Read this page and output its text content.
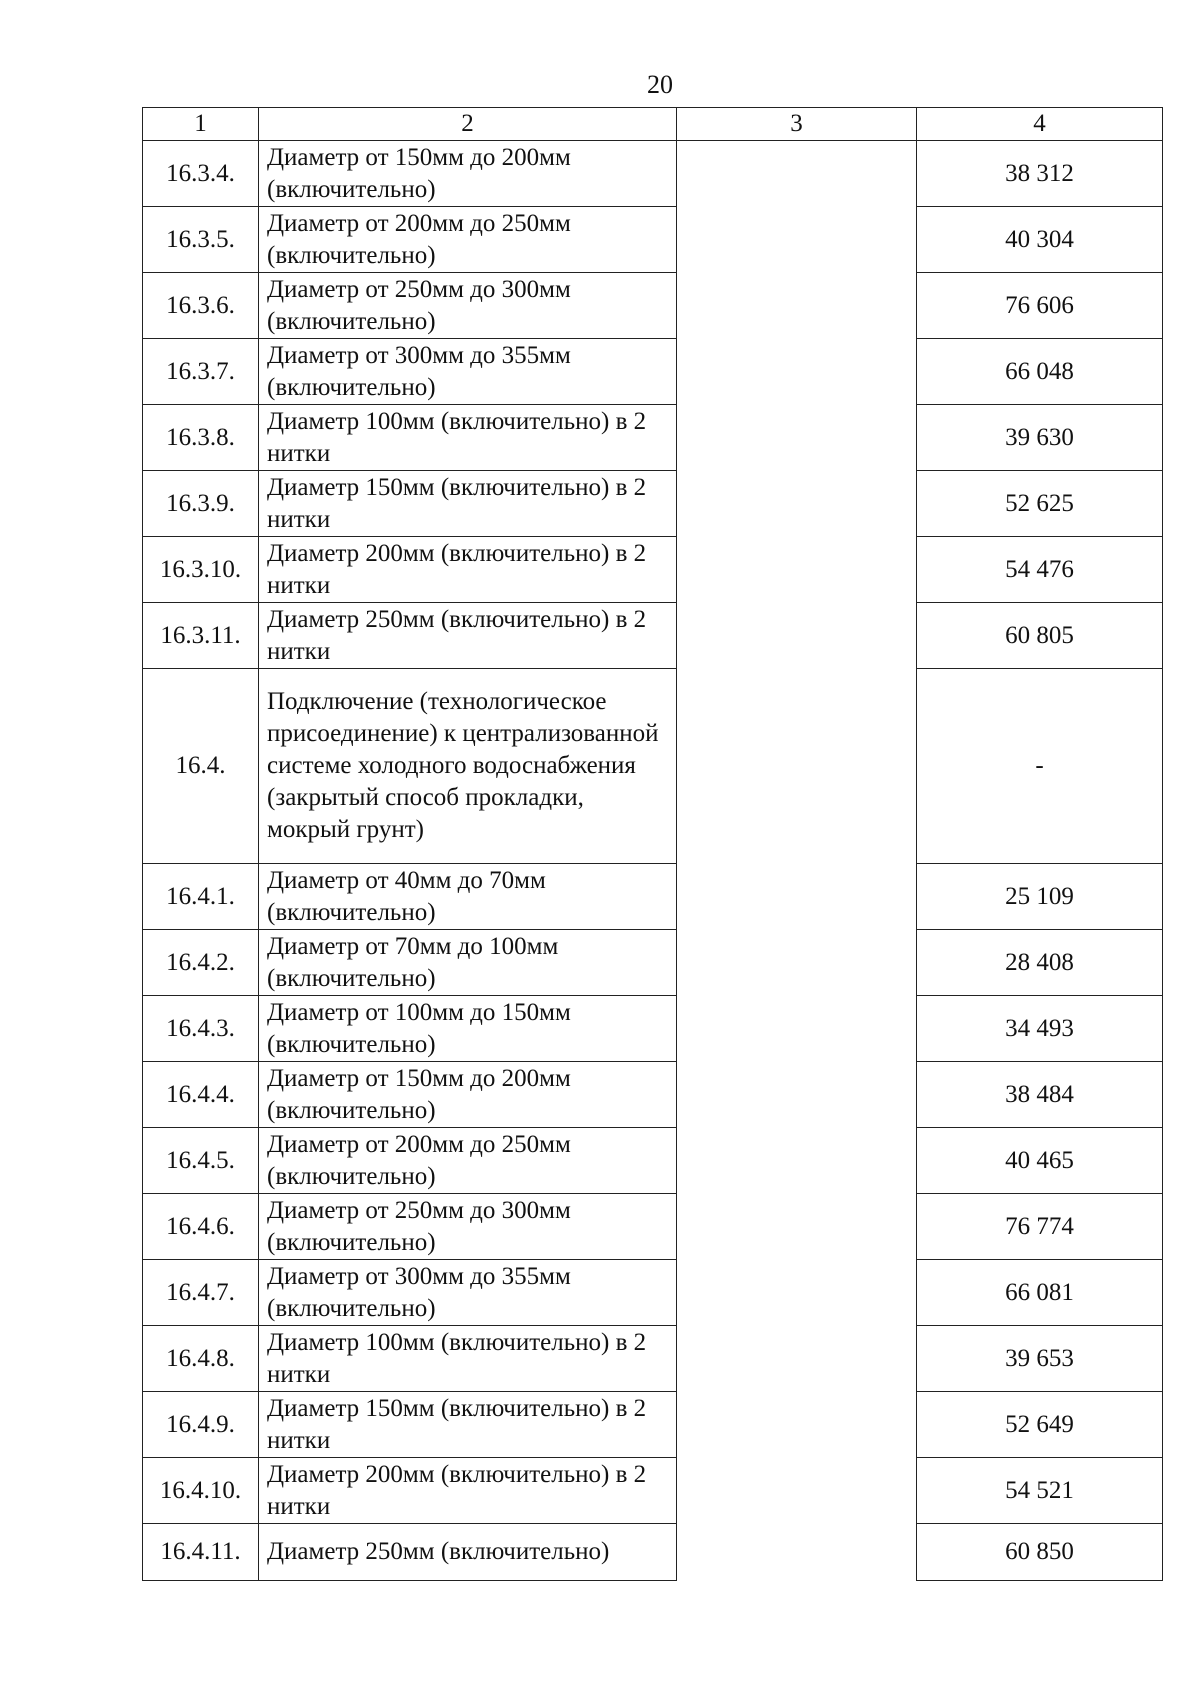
20
1	2	3	4
16.3.4.	Диаметр от 150мм до 200мм (включительно)		38 312
16.3.5.	Диаметр от 200мм до 250мм (включительно)		40 304
16.3.6.	Диаметр от 250мм до 300мм (включительно)		76 606
16.3.7.	Диаметр от 300мм до 355мм (включительно)		66 048
16.3.8.	Диаметр 100мм (включительно) в 2 нитки		39 630
16.3.9.	Диаметр 150мм (включительно) в 2 нитки		52 625
16.3.10.	Диаметр 200мм (включительно) в 2 нитки		54 476
16.3.11.	Диаметр 250мм (включительно) в 2 нитки		60 805
16.4.	Подключение (технологическое присоединение) к централизованной системе холодного водоснабжения (закрытый способ прокладки, мокрый грунт)		-
16.4.1.	Диаметр от 40мм до 70мм (включительно)		25 109
16.4.2.	Диаметр от 70мм до 100мм (включительно)		28 408
16.4.3.	Диаметр от 100мм до 150мм (включительно)		34 493
16.4.4.	Диаметр от 150мм до 200мм (включительно)		38 484
16.4.5.	Диаметр от 200мм до 250мм (включительно)		40 465
16.4.6.	Диаметр от 250мм до 300мм (включительно)		76 774
16.4.7.	Диаметр от 300мм до 355мм (включительно)		66 081
16.4.8.	Диаметр 100мм (включительно) в 2 нитки		39 653
16.4.9.	Диаметр 150мм (включительно) в 2 нитки		52 649
16.4.10.	Диаметр 200мм (включительно) в 2 нитки		54 521
16.4.11.	Диаметр 250мм (включительно)		60 850
